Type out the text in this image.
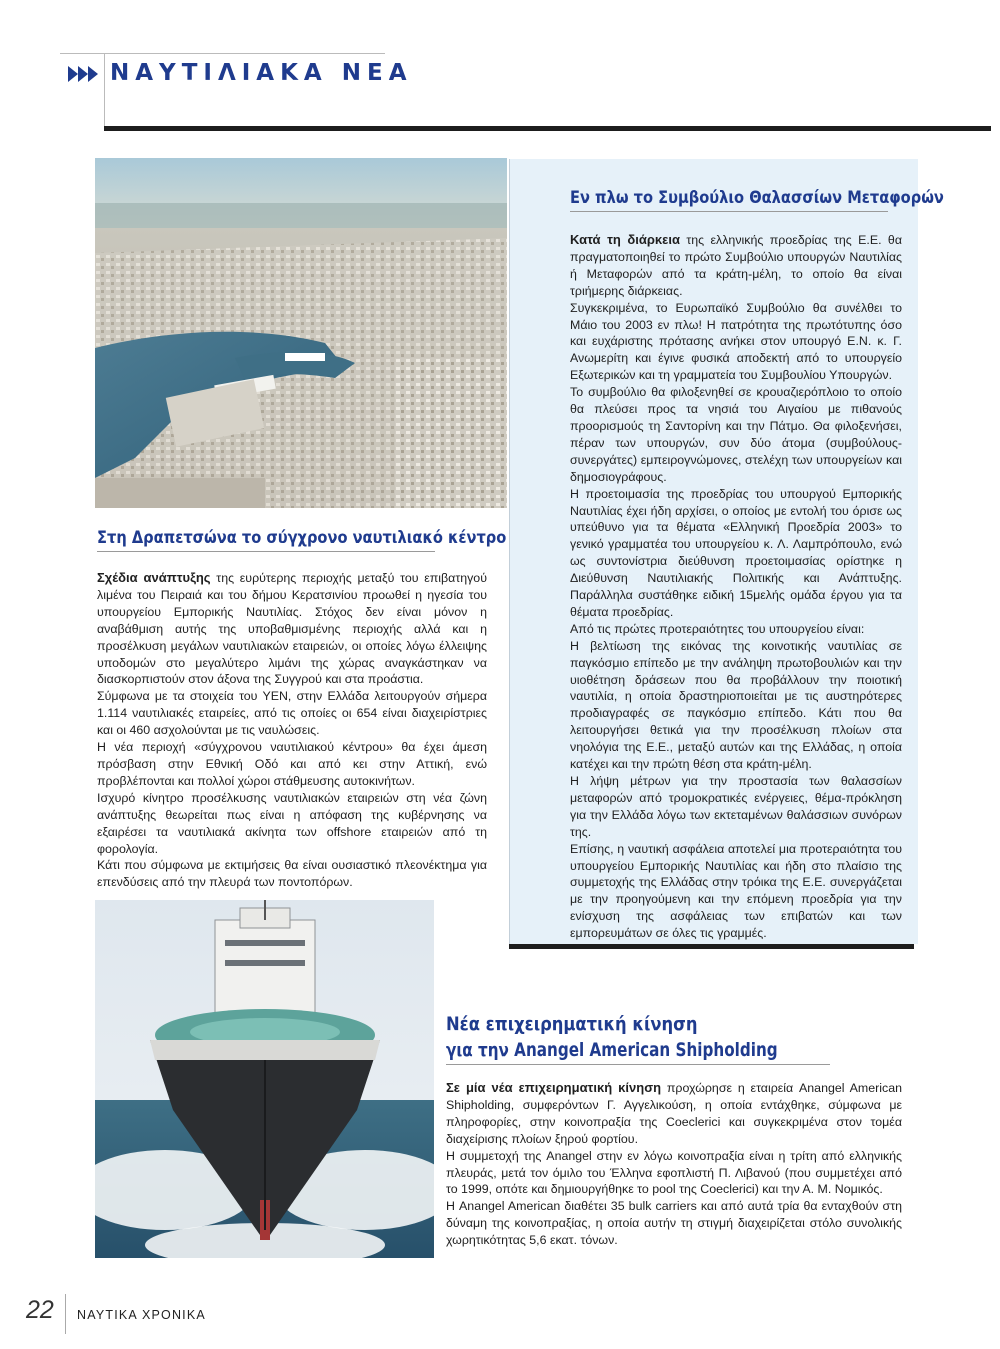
ΝΑΥΤΙΛΙΑΚΑ ΝΕΑ
Εν πλω το Συμβούλιο Θαλασσίων Μεταφορών

Κατά τη διάρκεια της ελληνικής προεδρίας της Ε.Ε. θα πραγματοποιηθεί το πρώτο Συμβούλιο υπουργών Ναυτιλίας ή Μεταφορών από τα κράτη-μέλη, το οποίο θα είναι τριήμερης διάρκειας.

Συγκεκριμένα, το Ευρωπαϊκό Συμβούλιο θα συνέλθει το Μάιο του 2003 εν πλω! Η πατρότητα της πρωτότυπης όσο και ευχάριστης πρότασης ανήκει στον υπουργό Ε.Ν. κ. Γ. Ανωμερίτη και έγινε φυσικά αποδεκτή από το υπουργείο Εξωτερικών και τη γραμματεία του Συμβουλίου Υπουργών.

Το συμβούλιο θα φιλοξενηθεί σε κρουαζιερόπλοιο το οποίο θα πλεύσει προς τα νησιά του Αιγαίου με πιθανούς προορισμούς τη Σαντορίνη και την Πάτμο. Θα φιλοξενήσει, πέραν των υπουργών, συν δύο άτομα (συμβούλους-συνεργάτες) εμπειρογνώμονες, στελέχη των υπουργείων και δημοσιογράφους.

Η προετοιμασία της προεδρίας του υπουργού Εμπορικής Ναυτιλίας έχει ήδη αρχίσει, ο οποίος με εντολή του όρισε ως υπεύθυνο για τα θέματα «Ελληνική Προεδρία 2003» το γενικό γραμματέα του υπουργείου κ. Λ. Λαμπρόπουλο, ενώ ως συντονίστρια διεύθυνση προετοιμασίας ορίστηκε η Διεύθυνση Ναυτιλιακής Πολιτικής και Ανάπτυξης. Παράλληλα συστάθηκε ειδική 15μελής ομάδα έργου για τα θέματα προεδρίας.

Από τις πρώτες προτεραιότητες του υπουργείου είναι:

Η βελτίωση της εικόνας της κοινοτικής ναυτιλίας σε παγκόσμιο επίπεδο με την ανάληψη πρωτοβουλιών και την υιοθέτηση δράσεων που θα προβάλλουν την ποιοτική ναυτιλία, η οποία δραστηριοποιείται με τις αυστηρότερες προδιαγραφές σε παγκόσμιο επίπεδο. Κάτι που θα λειτουργήσει θετικά για την προσέλκυση πλοίων στα νηολόγια της Ε.Ε., μεταξύ αυτών και της Ελλάδας, η οποία κατέχει και την πρώτη θέση στα κράτη-μέλη.

Η λήψη μέτρων για την προστασία των θαλασσίων μεταφορών από τρομοκρατικές ενέργειες, θέμα-πρόκληση για την Ελλάδα λόγω των εκτεταμένων θαλάσσιων συνόρων της.

Επίσης, η ναυτική ασφάλεια αποτελεί μια προτεραιότητα του υπουργείου Εμπορικής Ναυτιλίας και ήδη στο πλαίσιο της συμμετοχής της Ελλάδας στην τρόικα της Ε.Ε. συνεργάζεται με την προηγούμενη και την επόμενη προεδρία για την ενίσχυση της ασφάλειας των επιβατών και των εμπορευμάτων σε όλες τις γραμμές.

Στη Δραπετσώνα το σύγχρονο ναυτιλιακό κέντρο

Σχέδια ανάπτυξης της ευρύτερης περιοχής μεταξύ του επιβατηγού λιμένα του Πειραιά και του δήμου Κερατσινίου προωθεί η ηγεσία του υπουργείου Εμπορικής Ναυτιλίας. Στόχος δεν είναι μόνον η αναβάθμιση αυτής της υποβαθμισμένης περιοχής αλλά και η προσέλκυση μεγάλων ναυτιλιακών εταιρειών, οι οποίες λόγω έλλειψης υποδομών στο μεγαλύτερο λιμάνι της χώρας αναγκάστηκαν να διασκορπιστούν στον άξονα της Συγγρού και στα προάστια.

Σύμφωνα με τα στοιχεία του ΥΕΝ, στην Ελλάδα λειτουργούν σήμερα 1.114 ναυτιλιακές εταιρείες, από τις οποίες οι 654 είναι διαχειρίστριες και οι 460 ασχολούνται με τις ναυλώσεις.

Η νέα περιοχή «σύγχρονου ναυτιλιακού κέντρου» θα έχει άμεση πρόσβαση στην Εθνική Οδό και από κει στην Αττική, ενώ προβλέπονται και πολλοί χώροι στάθμευσης αυτοκινήτων.

Ισχυρό κίνητρο προσέλκυσης ναυτιλιακών εταιρειών στη νέα ζώνη ανάπτυξης θεωρείται πως είναι η απόφαση της κυβέρνησης να εξαιρέσει τα ναυτιλιακά ακίνητα των offshore εταιρειών από τη φορολογία.

Κάτι που σύμφωνα με εκτιμήσεις θα είναι ουσιαστικό πλεονέκτημα για επενδύσεις από την πλευρά των ποντοπόρων.

Νέα επιχειρηματική κίνηση
για την Anangel American Shipholding

Σε μία νέα επιχειρηματική κίνηση προχώρησε η εταιρεία Anangel American Shipholding, συμφερόντων Γ. Αγγελικούση, η οποία εντάχθηκε, σύμφωνα με πληροφορίες, στην κοινοπραξία της Coeclerici και συγκεκριμένα στον τομέα διαχείρισης πλοίων ξηρού φορτίου.

Η συμμετοχή της Anangel στην εν λόγω κοινοπραξία είναι η τρίτη από ελληνικής πλευράς, μετά τον όμιλο του Έλληνα εφοπλιστή Π. Λιβανού (που συμμετέχει από το 1999, οπότε και δημιουργήθηκε το pool της Coeclerici) και την Α. Μ. Νομικός.

Η Anangel American διαθέτει 35 bulk carriers και από αυτά τρία θα ενταχθούν στη δύναμη της κοινοπραξίας, η οποία αυτήν τη στιγμή διαχειρίζεται στόλο συνολικής χωρητικότητας 5,6 εκατ. τόνων.

22 ΝΑΥΤΙΚΑ ΧΡΟΝΙΚΑ
